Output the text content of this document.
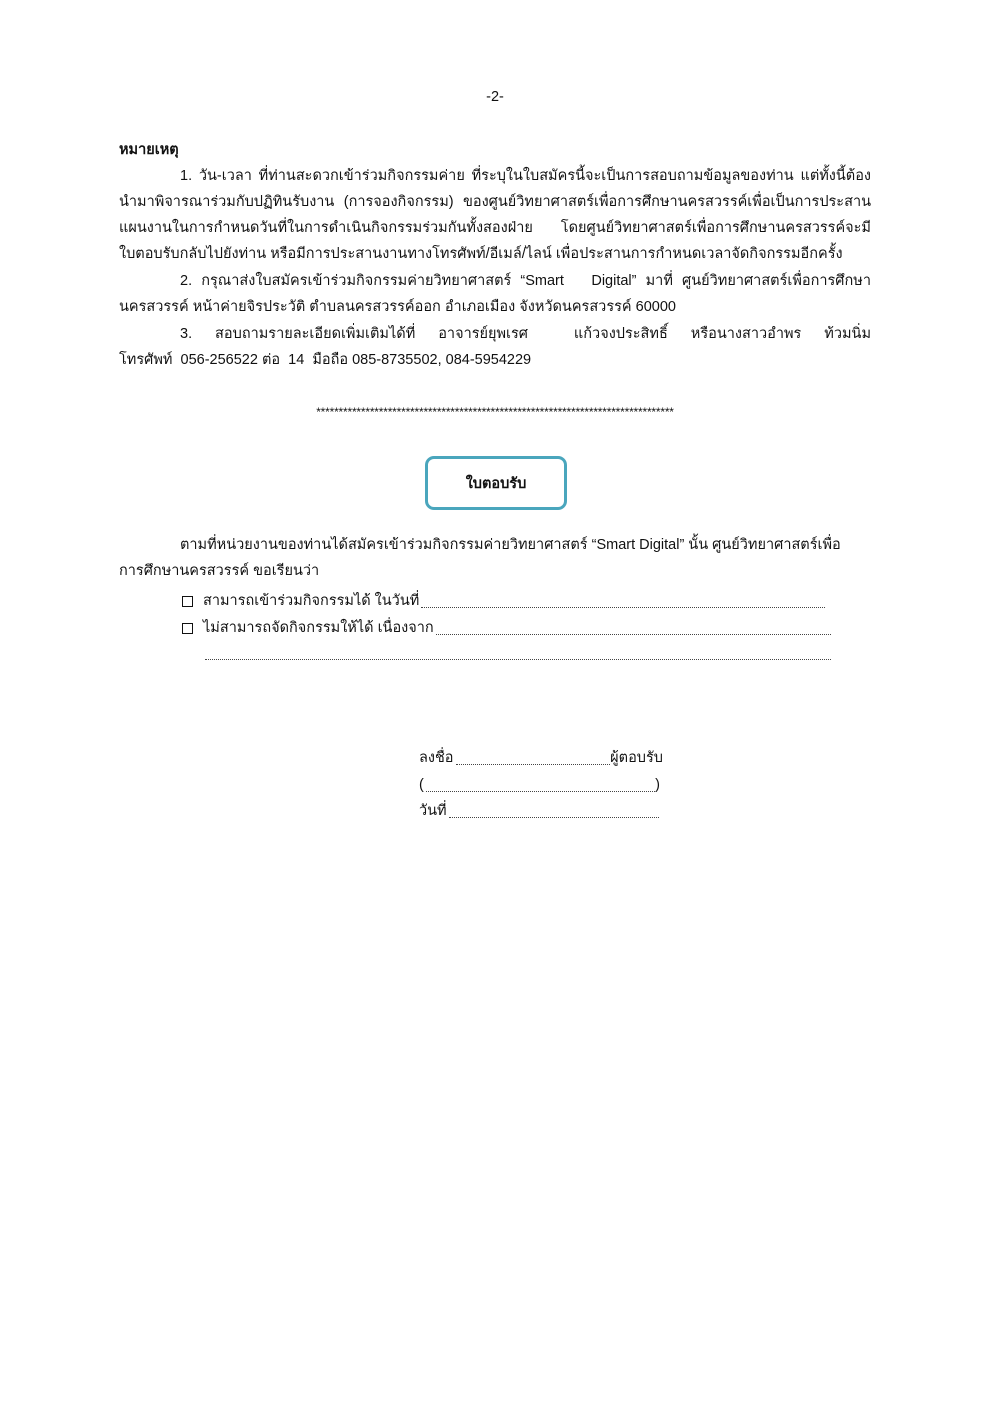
-2-
หมายเหตุ
1. วัน-เวลา ที่ท่านสะดวกเข้าร่วมกิจกรรมค่าย ที่ระบุในใบสมัครนี้จะเป็นการสอบถามข้อมูลของท่าน แต่ทั้งนี้ต้อง
นำมาพิจารณาร่วมกับปฏิทินรับงาน (การจองกิจกรรม) ของศูนย์วิทยาศาสตร์เพื่อการศึกษานครสวรรค์เพื่อเป็นการประสาน
แผนงานในการกำหนดวันที่ในการดำเนินกิจกรรมร่วมกันทั้งสองฝ่าย โดยศูนย์วิทยาศาสตร์เพื่อการศึกษานครสวรรค์จะมี
ใบตอบรับกลับไปยังท่าน หรือมีการประสานงานทางโทรศัพท์/อีเมล์/ไลน์ เพื่อประสานการกำหนดเวลาจัดกิจกรรมอีกครั้ง
2. กรุณาส่งใบสมัครเข้าร่วมกิจกรรมค่ายวิทยาศาสตร์ “Smart   Digital” มาที่ ศูนย์วิทยาศาสตร์เพื่อการศึกษา
นครสวรรค์ หน้าค่ายจิรประวัติ ตำบลนครสวรรค์ออก อำเภอเมือง จังหวัดนครสวรรค์ 60000
3. สอบถามรายละเอียดเพิ่มเติมได้ที่ อาจารย์ยุพเรศ  แก้วจงประสิทธิ์ หรือนางสาวอำพร ท้วมนิ่ม
โทรศัพท์  056-256522 ต่อ  14  มือถือ 085-8735502, 084-5954229
********************************************************************************
ใบตอบรับ
ตามที่หน่วยงานของท่านได้สมัครเข้าร่วมกิจกรรมค่ายวิทยาศาสตร์ “Smart Digital” นั้น ศูนย์วิทยาศาสตร์เพื่อ
การศึกษานครสวรรค์ ขอเรียนว่า
สามารถเข้าร่วมกิจกรรมได้ ในวันที่
ไม่สามารถจัดกิจกรรมให้ได้ เนื่องจาก
ลงชื่อ	ผู้ตอบรับ
(	)
วันที่
